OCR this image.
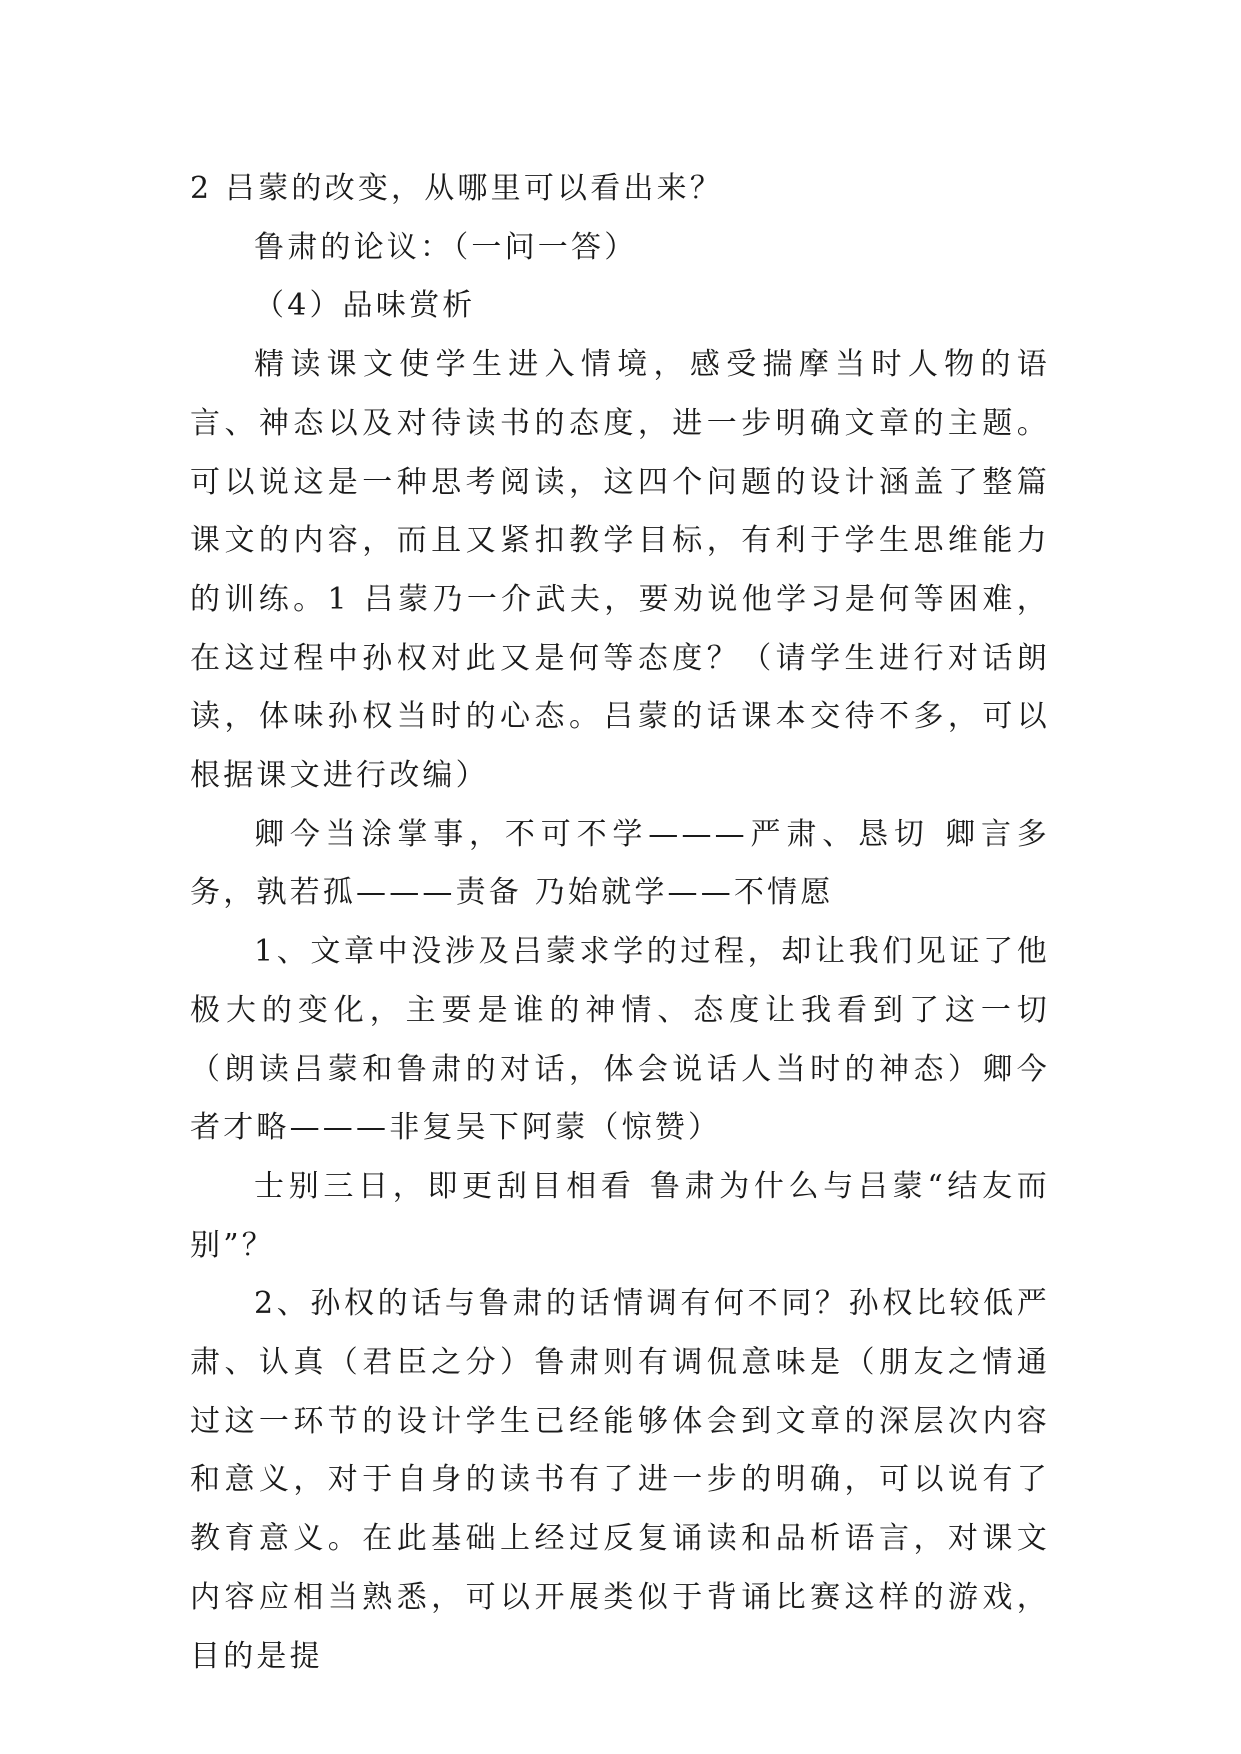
2 吕蒙的改变，从哪里可以看出来？

鲁肃的论议：（一问一答）

（4）品味赏析

精读课文使学生进入情境，感受揣摩当时人物的语言、神态以及对待读书的态度，进一步明确文章的主题。可以说这是一种思考阅读，这四个问题的设计涵盖了整篇课文的内容，而且又紧扣教学目标，有利于学生思维能力的训练。1 吕蒙乃一介武夫，要劝说他学习是何等困难，在这过程中孙权对此又是何等态度？（请学生进行对话朗读，体味孙权当时的心态。吕蒙的话课本交待不多，可以根据课文进行改编）

卿今当涂掌事，不可不学———严肃、恳切 卿言多务，孰若孤———责备 乃始就学——不情愿

1、文章中没涉及吕蒙求学的过程，却让我们见证了他极大的变化，主要是谁的神情、态度让我看到了这一切（朗读吕蒙和鲁肃的对话，体会说话人当时的神态）卿今者才略———非复吴下阿蒙（惊赞）

士别三日，即更刮目相看 鲁肃为什么与吕蒙“结友而别”？

2、孙权的话与鲁肃的话情调有何不同？孙权比较低严肃、认真（君臣之分）鲁肃则有调侃意味是（朋友之情通过这一环节的设计学生已经能够体会到文章的深层次内容和意义，对于自身的读书有了进一步的明确，可以说有了教育意义。在此基础上经过反复诵读和品析语言，对课文内容应相当熟悉，可以开展类似于背诵比赛这样的游戏，目的是提
